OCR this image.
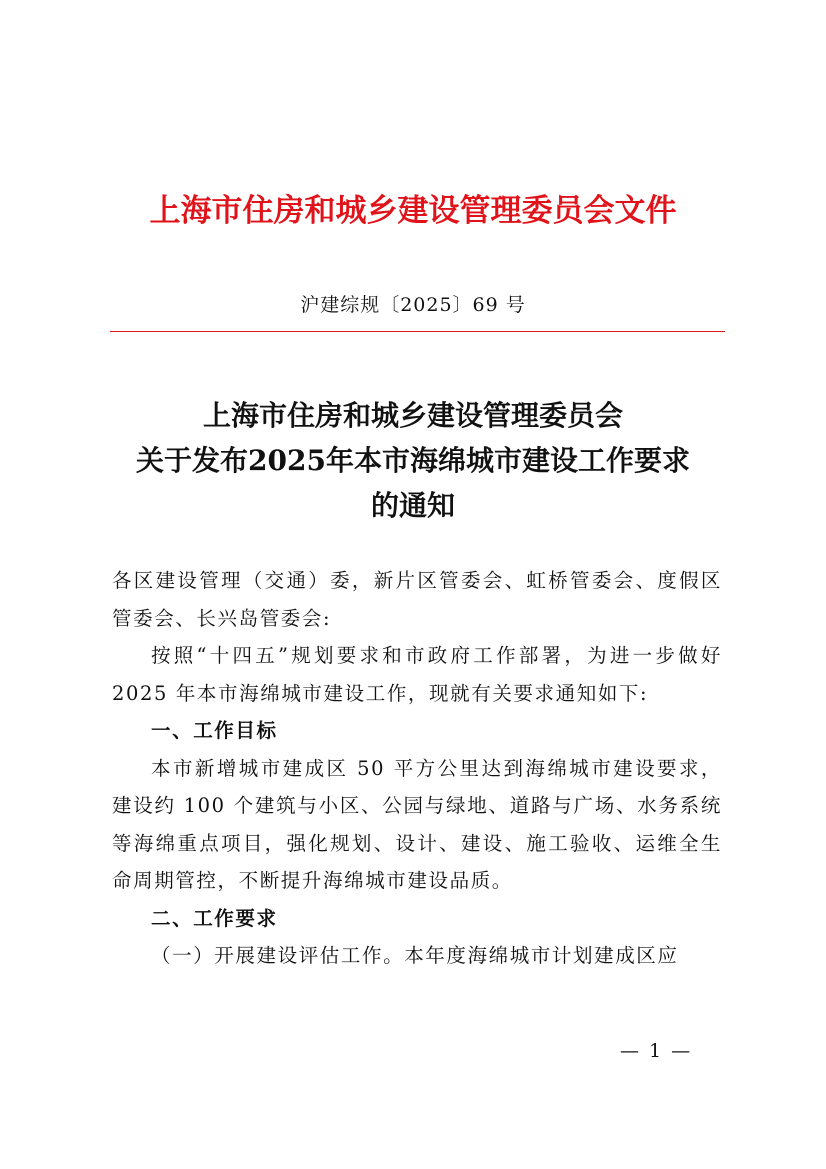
上海市住房和城乡建设管理委员会文件
沪建综规〔2025〕69 号
上海市住房和城乡建设管理委员会
关于发布2025年本市海绵城市建设工作要求
的通知

各区建设管理（交通）委，新片区管委会、虹桥管委会、度假区管委会、长兴岛管委会:

按照“十四五”规划要求和市政府工作部署，为进一步做好 2025 年本市海绵城市建设工作，现就有关要求通知如下:

一、工作目标

本市新增城市建成区 50 平方公里达到海绵城市建设要求，建设约 100 个建筑与小区、公园与绿地、道路与广场、水务系统等海绵重点项目，强化规划、设计、建设、施工验收、运维全生命周期管控，不断提升海绵城市建设品质。

二、工作要求

（一）开展建设评估工作。本年度海绵城市计划建成区应

— 1 —
